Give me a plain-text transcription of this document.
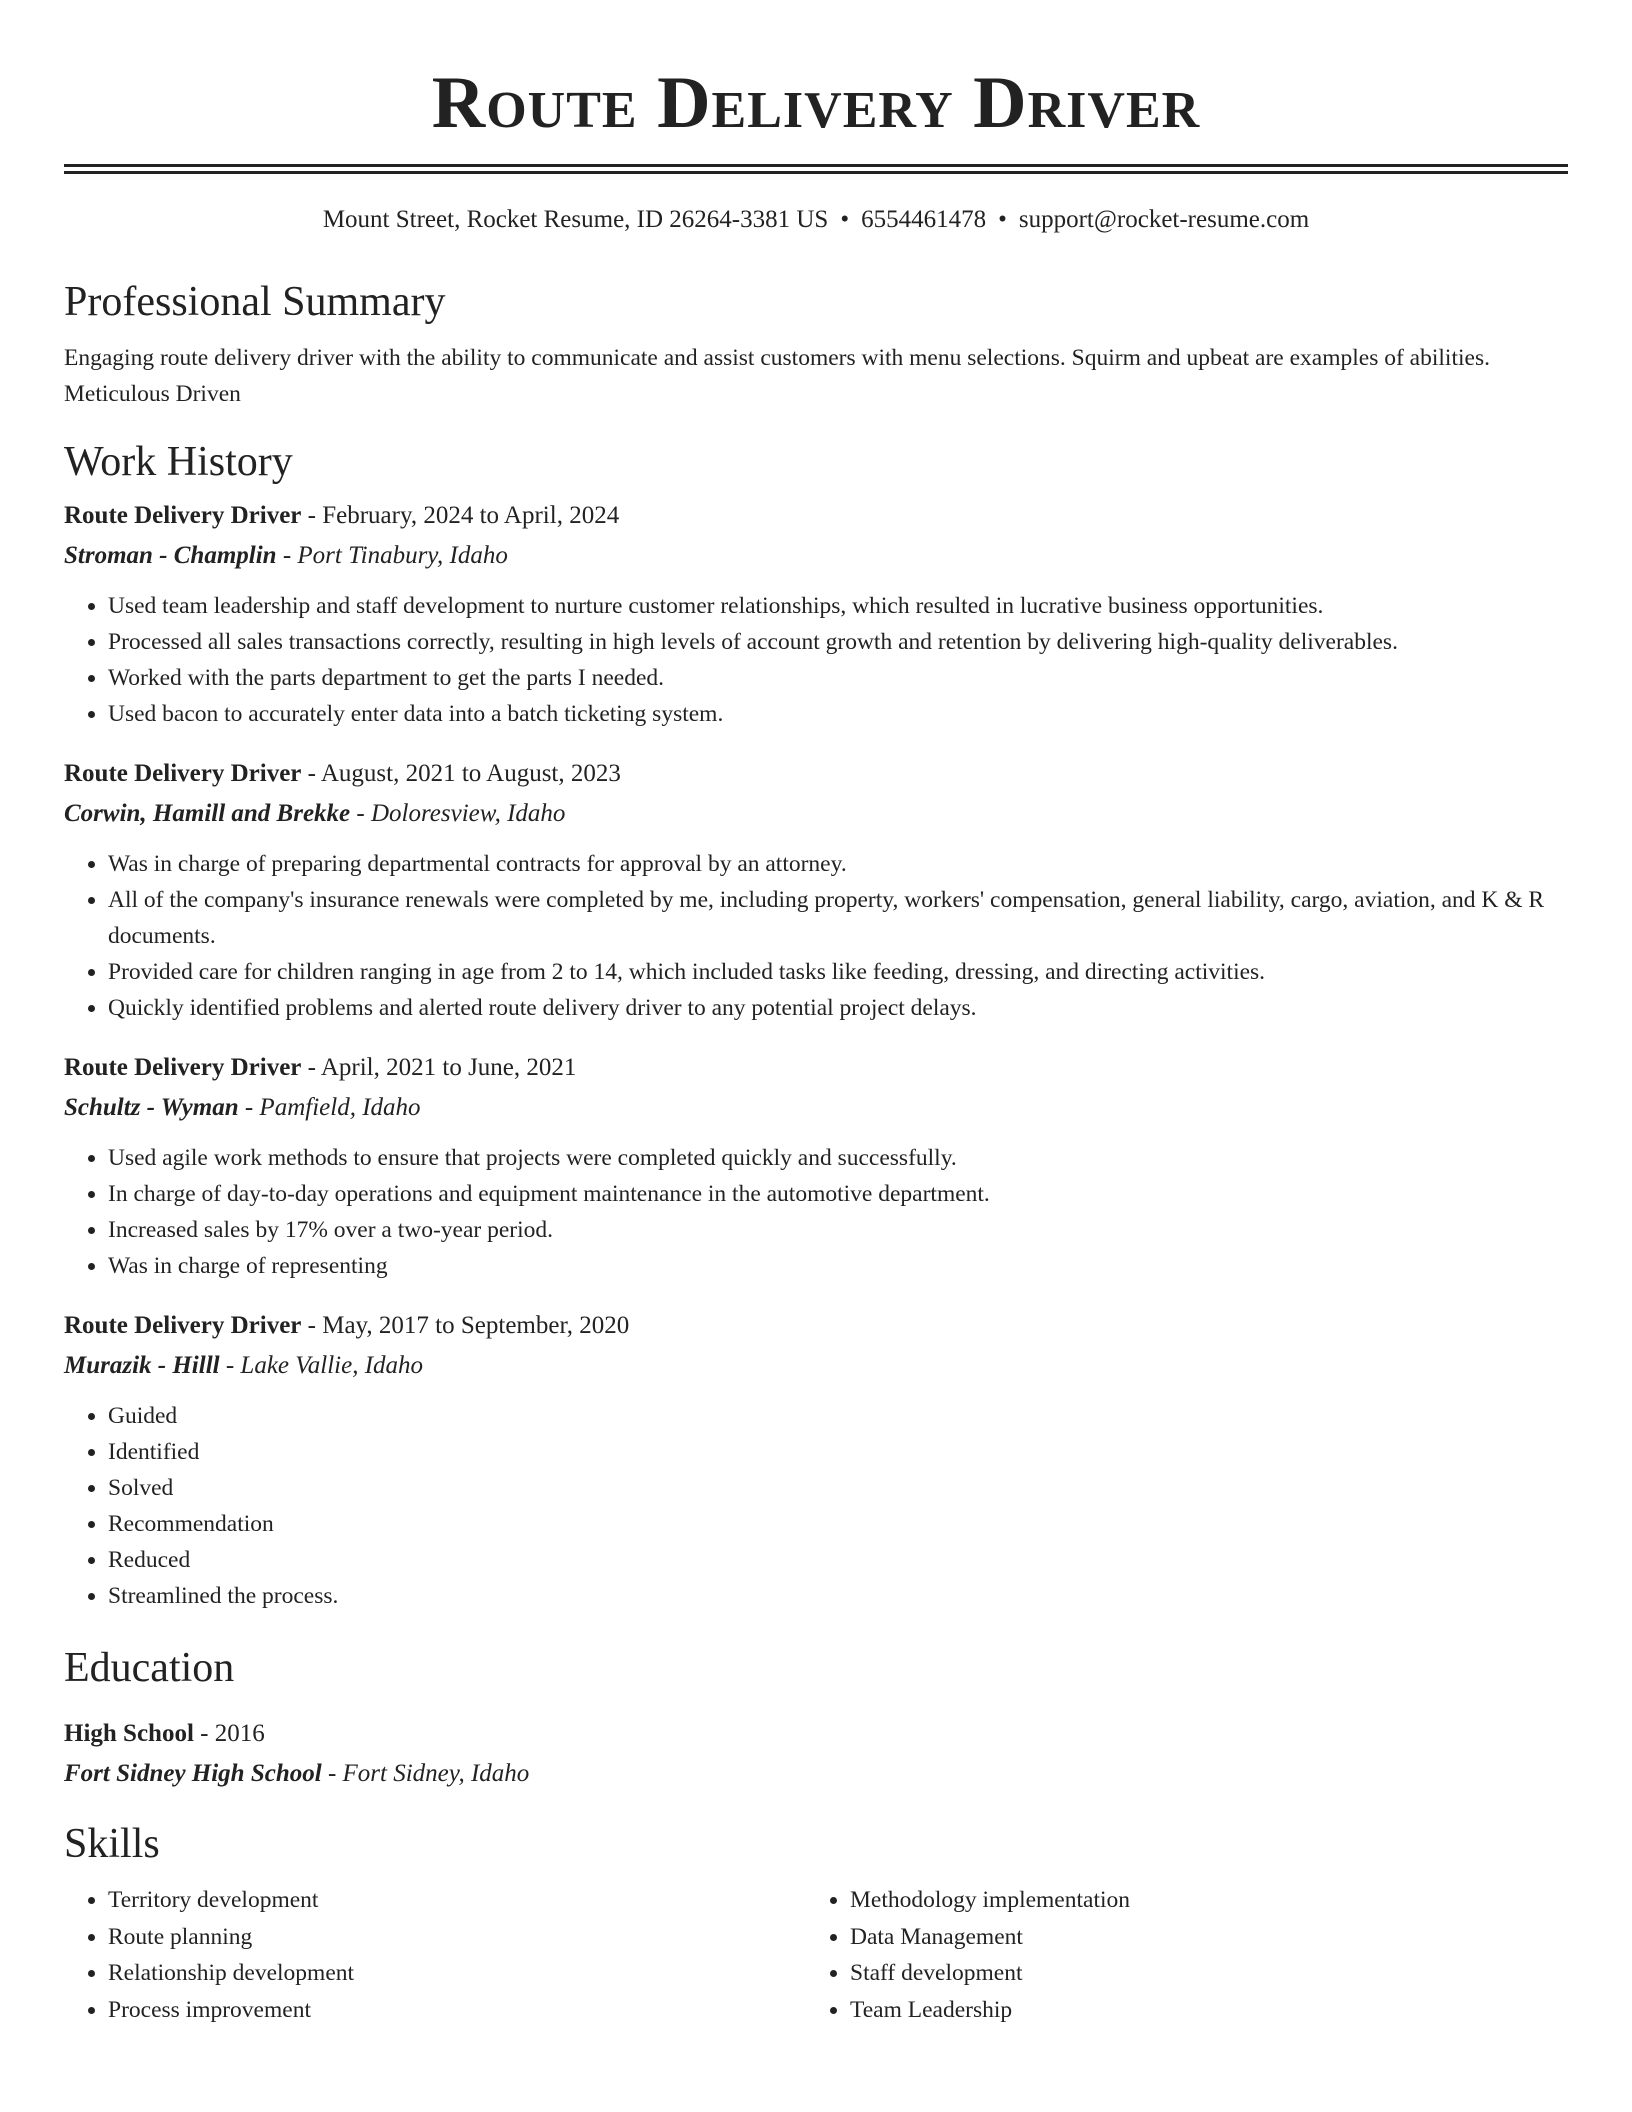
Route Delivery Driver
Mount Street, Rocket Resume, ID 26264-3381 US • 6554461478 • support@rocket-resume.com
Professional Summary
Engaging route delivery driver with the ability to communicate and assist customers with menu selections. Squirm and upbeat are examples of abilities. Meticulous Driven
Work History
Route Delivery Driver - February, 2024 to April, 2024
Stroman - Champlin - Port Tinabury, Idaho
• Used team leadership and staff development to nurture customer relationships, which resulted in lucrative business opportunities.
• Processed all sales transactions correctly, resulting in high levels of account growth and retention by delivering high-quality deliverables.
• Worked with the parts department to get the parts I needed.
• Used bacon to accurately enter data into a batch ticketing system.
Route Delivery Driver - August, 2021 to August, 2023
Corwin, Hamill and Brekke - Doloresview, Idaho
• Was in charge of preparing departmental contracts for approval by an attorney.
• All of the company's insurance renewals were completed by me, including property, workers' compensation, general liability, cargo, aviation, and K & R documents.
• Provided care for children ranging in age from 2 to 14, which included tasks like feeding, dressing, and directing activities.
• Quickly identified problems and alerted route delivery driver to any potential project delays.
Route Delivery Driver - April, 2021 to June, 2021
Schultz - Wyman - Pamfield, Idaho
• Used agile work methods to ensure that projects were completed quickly and successfully.
• In charge of day-to-day operations and equipment maintenance in the automotive department.
• Increased sales by 17% over a two-year period.
• Was in charge of representing
Route Delivery Driver - May, 2017 to September, 2020
Murazik - Hilll - Lake Vallie, Idaho
• Guided
• Identified
• Solved
• Recommendation
• Reduced
• Streamlined the process.
Education
High School - 2016
Fort Sidney High School - Fort Sidney, Idaho
Skills
• Territory development
• Route planning
• Relationship development
• Process improvement
• Methodology implementation
• Data Management
• Staff development
• Team Leadership
